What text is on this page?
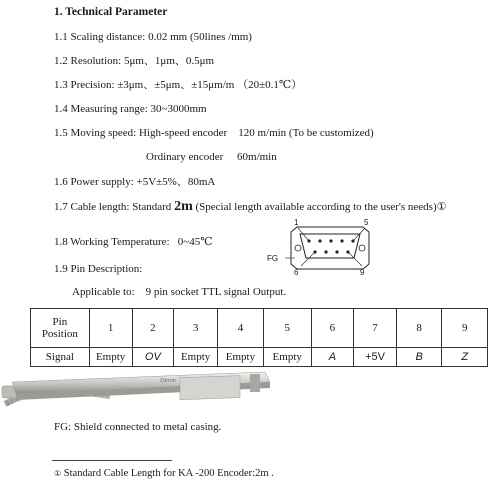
1. Technical Parameter
1.1 Scaling distance: 0.02 mm (50lines /mm)
1.2 Resolution: 5μm、1μm、0.5μm
1.3 Precision: ±3μm、±5μm、±15μm/m （20±0.1℃）
1.4 Measuring range: 30~3000mm
1.5 Moving speed: High-speed encoder    120 m/min (To be customized)
Ordinary encoder     60m/min
1.6 Power supply: +5V±5%、80mA
1.7 Cable length: Standard 2m (Special length available according to the user's needs)①
1.8 Working Temperature:   0~45℃
1.9 Pin Description:
Applicable to:    9 pin socket TTL signal Output.
1	5
6	9
FG
Pin
Position	1	2	3	4	5	6	7	8	9
Signal	Empty	OV	Empty	Empty	Empty	A	+5V	B	Z
Ditron
FG: Shield connected to metal casing.
① Standard Cable Length for KA -200 Encoder:2m .
